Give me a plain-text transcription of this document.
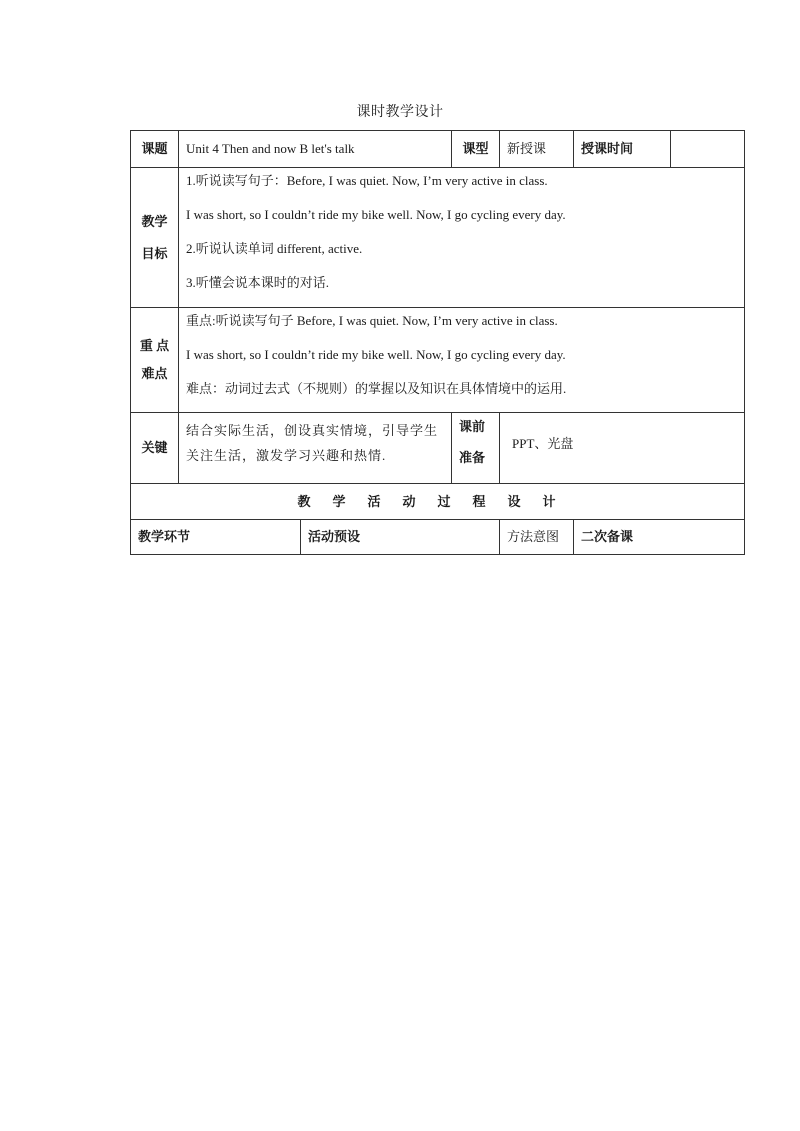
课时教学设计
课题	Unit 4 Then and now B let's talk		课型	新授课	授课时间	

教学
目标	1.听说读写句子：Before, I was quiet. Now, I’m very active in class.
I was short, so I couldn’t ride my bike well. Now, I go cycling every day.
2.听说认读单词 different, active.
3.听懂会说本课时的对话.					

重 点
难点	重点:听说读写句子 Before, I was quiet. Now, I’m very active in class.
I was short, so I couldn’t ride my bike well. Now, I go cycling every day.
难点：动词过去式（不规则）的掌握以及知识在具体情境中的运用.					

关键	结合实际生活，创设真实情境，引导学生
关注生活，激发学习兴趣和热情.		课前
准备	PPT、光盘		
教学活动过程设计						
教学环节		活动预设		方法意图	二次备课	
